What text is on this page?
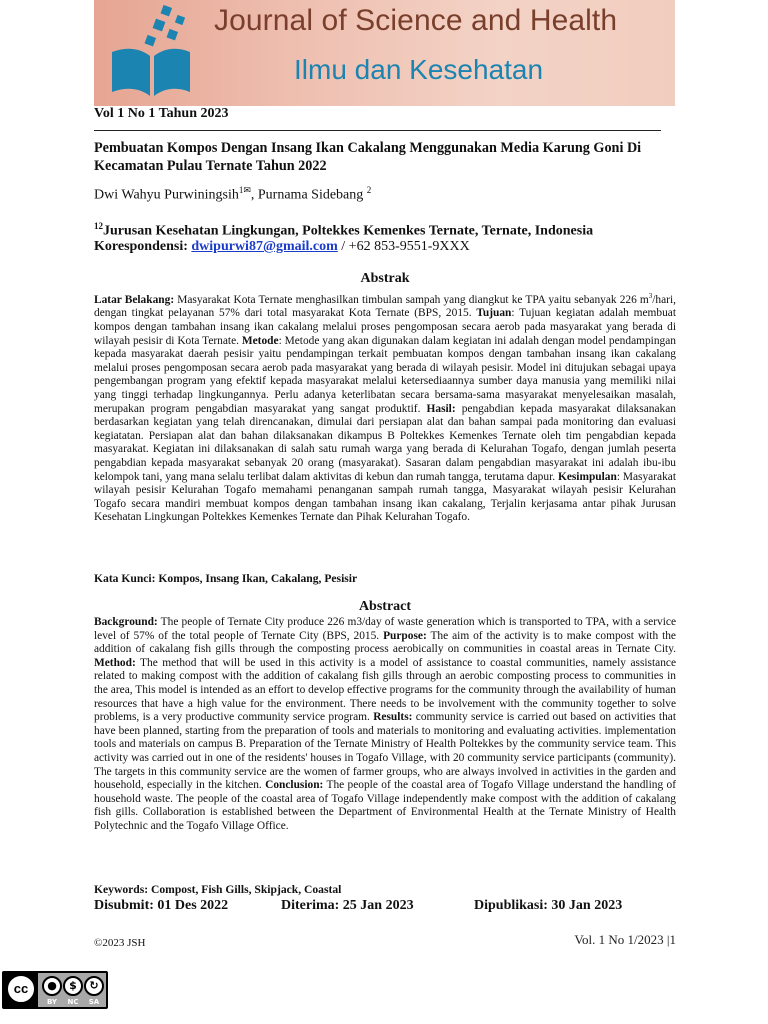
Journal of Science and Health
Ilmu dan Kesehatan
Vol 1 No 1 Tahun 2023
Pembuatan Kompos Dengan Insang Ikan Cakalang Menggunakan Media Karung Goni Di Kecamatan Pulau Ternate Tahun 2022
Dwi Wahyu Purwiningsih$^{1✉}$, Purnama Sidebang $^2$
$^{12}$Jurusan Kesehatan Lingkungan, Poltekkes Kemenkes Ternate, Ternate, Indonesia
Korespondensi: dwipurwi87@gmail.com / +62 853-9551-9XXX
Abstrak
Latar Belakang: Masyarakat Kota Ternate menghasilkan timbulan sampah yang diangkut ke TPA yaitu sebanyak 226 $m^3$/hari, dengan tingkat pelayanan 57% dari total masyarakat Kota Ternate (BPS, 2015. Tujuan: Tujuan kegiatan adalah membuat kompos dengan tambahan insang ikan cakalang melalui proses pengomposan secara aerob pada masyarakat yang berada di wilayah pesisir di Kota Ternate. Metode: Metode yang akan digunakan dalam kegiatan ini adalah dengan model pendampingan kepada masyarakat daerah pesisir yaitu pendampingan terkait pembuatan kompos dengan tambahan insang ikan cakalang melalui proses pengomposan secara aerob pada masyarakat yang berada di wilayah pesisir. Model ini ditujukan sebagai upaya pengembangan program yang efektif kepada masyarakat melalui ketersediaannya sumber daya manusia yang memiliki nilai yang tinggi terhadap lingkungannya. Perlu adanya keterlibatan secara bersama-sama masyarakat menyelesaikan masalah, merupakan program pengabdian masyarakat yang sangat produktif. Hasil: pengabdian kepada masyarakat dilaksanakan berdasarkan kegiatan yang telah direncanakan, dimulai dari persiapan alat dan bahan sampai pada monitoring dan evaluasi kegiatatan. Persiapan alat dan bahan dilaksanakan dikampus B Poltekkes Kemenkes Ternate oleh tim pengabdian kepada masyarakat. Kegiatan ini dilaksanakan di salah satu rumah warga yang berada di Kelurahan Togafo, dengan jumlah peserta pengabdian kepada masyarakat sebanyak 20 orang (masyarakat). Sasaran dalam pengabdian masyarakat ini adalah ibu-ibu kelompok tani, yang mana selalu terlibat dalam aktivitas di kebun dan rumah tangga, terutama dapur. Kesimpulan: Masyarakat wilayah pesisir Kelurahan Togafo memahami penanganan sampah rumah tangga, Masyarakat wilayah pesisir Kelurahan Togafo secara mandiri membuat kompos dengan tambahan insang ikan cakalang, Terjalin kerjasama antar pihak Jurusan Kesehatan Lingkungan Poltekkes Kemenkes Ternate dan Pihak Kelurahan Togafo.
Kata Kunci: Kompos, Insang Ikan, Cakalang, Pesisir
Abstract
Background: The people of Ternate City produce 226 m3/day of waste generation which is transported to TPA, with a service level of 57% of the total people of Ternate City (BPS, 2015. Purpose: The aim of the activity is to make compost with the addition of cakalang fish gills through the composting process aerobically on communities in coastal areas in Ternate City. Method: The method that will be used in this activity is a model of assistance to coastal communities, namely assistance related to making compost with the addition of cakalang fish gills through an aerobic composting process to communities in the area, This model is intended as an effort to develop effective programs for the community through the availability of human resources that have a high value for the environment. There needs to be involvement with the community together to solve problems, is a very productive community service program. Results: community service is carried out based on activities that have been planned, starting from the preparation of tools and materials to monitoring and evaluating activities. implementation tools and materials on campus B. Preparation of the Ternate Ministry of Health Poltekkes by the community service team. This activity was carried out in one of the residents' houses in Togafo Village, with 20 community service participants (community). The targets in this community service are the women of farmer groups, who are always involved in activities in the garden and household, especially in the kitchen. Conclusion: The people of the coastal area of Togafo Village understand the handling of household waste. The people of the coastal area of Togafo Village independently make compost with the addition of cakalang fish gills. Collaboration is established between the Department of Environmental Health at the Ternate Ministry of Health Polytechnic and the Togafo Village Office.
Keywords: Compost, Fish Gills, Skipjack, Coastal
Disubmit: 01 Des 2022	Diterima: 25 Jan 2023	Dipublikasi: 30 Jan 2023
©2023 JSH	Vol. 1 No 1/2023 |1
cc	●	$	↻
BY	NC	SA
